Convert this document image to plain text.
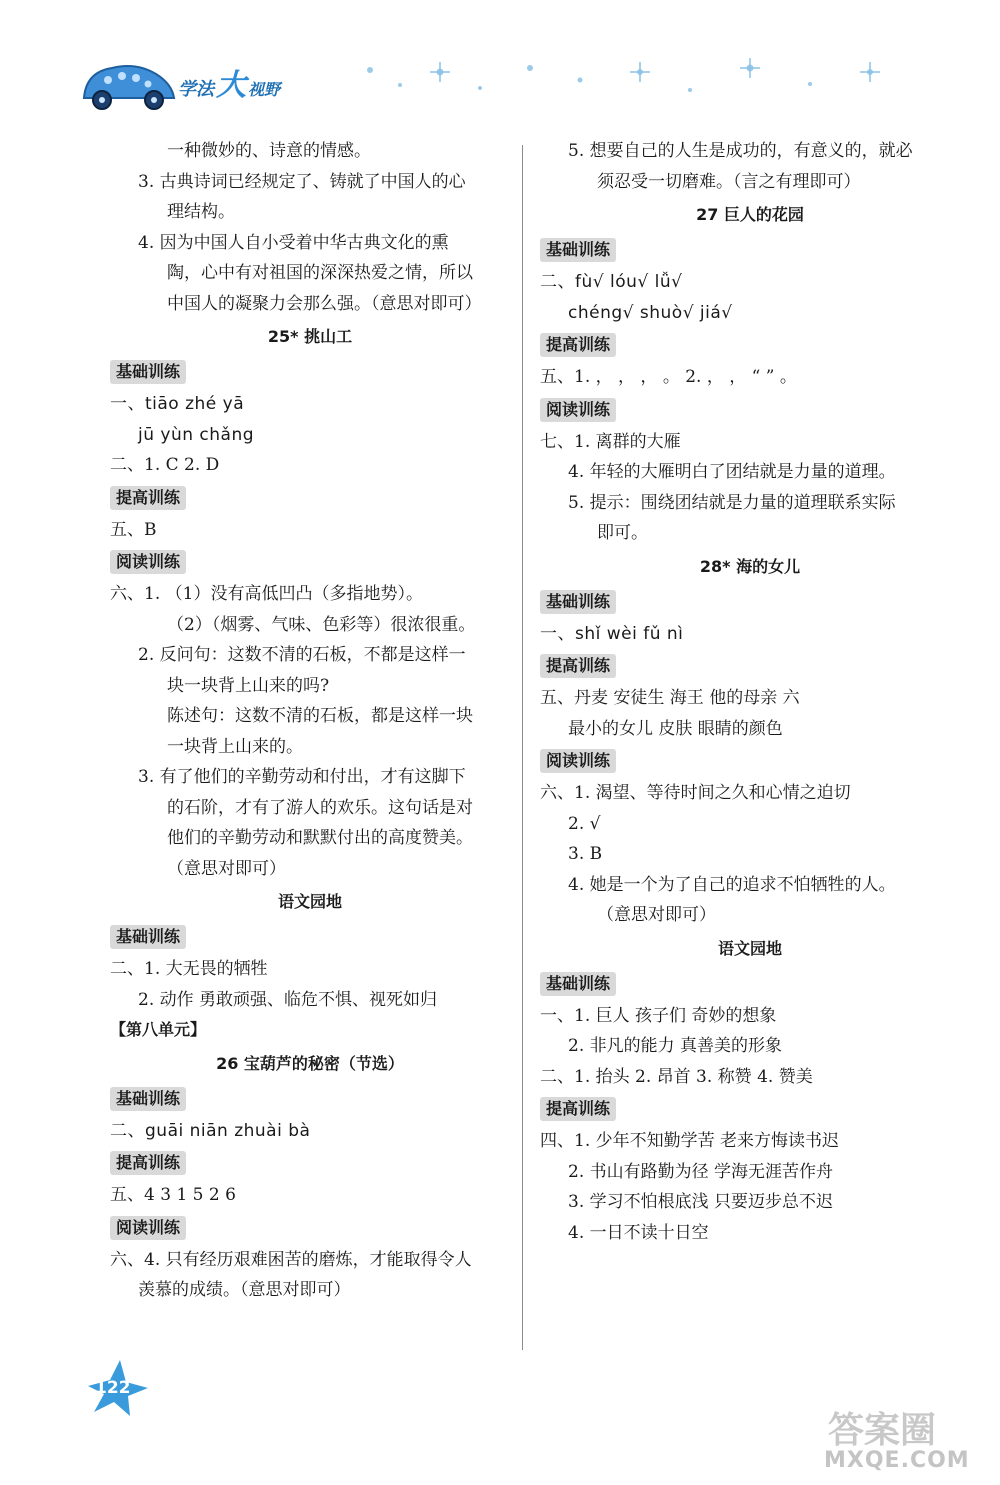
学法大 视野
一种微妙的、诗意的情感。
3. 古典诗词已经规定了、铸就了中国人的心
理结构。
4. 因为中国人自小受着中华古典文化的熏
陶，心中有对祖国的深深热爱之情，所以
中国人的凝聚力会那么强。（意思对即可）
25* 挑山工
基础训练
一、tiāo zhé yā
jū yùn chǎng
二、1. C 2. D
提高训练
五、B
阅读训练
六、1. （1）没有高低凹凸（多指地势）。
（2）（烟雾、气味、色彩等）很浓很重。
2. 反问句：这数不清的石板，不都是这样一
块一块背上山来的吗?
陈述句：这数不清的石板，都是这样一块
一块背上山来的。
3. 有了他们的辛勤劳动和付出，才有这脚下
的石阶，才有了游人的欢乐。这句话是对
他们的辛勤劳动和默默付出的高度赞美。
（意思对即可）
语文园地
基础训练
二、1. 大无畏的牺牲
2. 动作 勇敢顽强、临危不惧、视死如归
【第八单元】
26 宝葫芦的秘密（节选）
基础训练
二、guāi niān zhuài bà
提高训练
五、4 3 1 5 2 6
阅读训练
六、4. 只有经历艰难困苦的磨炼，才能取得令人
羡慕的成绩。（意思对即可）
5. 想要自己的人生是成功的，有意义的，就必
须忍受一切磨难。（言之有理即可）
27 巨人的花园
基础训练
二、fù√ lóu√ lǚ√
chéng√ shuò√ jiá√
提高训练
五、1. ， ， ， 。 2. ， ， “ ” 。
阅读训练
七、1. 离群的大雁
4. 年轻的大雁明白了团结就是力量的道理。
5. 提示：围绕团结就是力量的道理联系实际
即可。
28* 海的女儿
基础训练
一、shǐ wèi fǔ nì
提高训练
五、丹麦 安徒生 海王 他的母亲 六
最小的女儿 皮肤 眼睛的颜色
阅读训练
六、1. 渴望、等待时间之久和心情之迫切
2. √
3. B
4. 她是一个为了自己的追求不怕牺牲的人。
（意思对即可）
语文园地
基础训练
一、1. 巨人 孩子们 奇妙的想象
2. 非凡的能力 真善美的形象
二、1. 抬头 2. 昂首 3. 称赞 4. 赞美
提高训练
四、1. 少年不知勤学苦 老来方悔读书迟
2. 书山有路勤为径 学海无涯苦作舟
3. 学习不怕根底浅 只要迈步总不迟
4. 一日不读十日空
122
答案圈
MXQE.COM
